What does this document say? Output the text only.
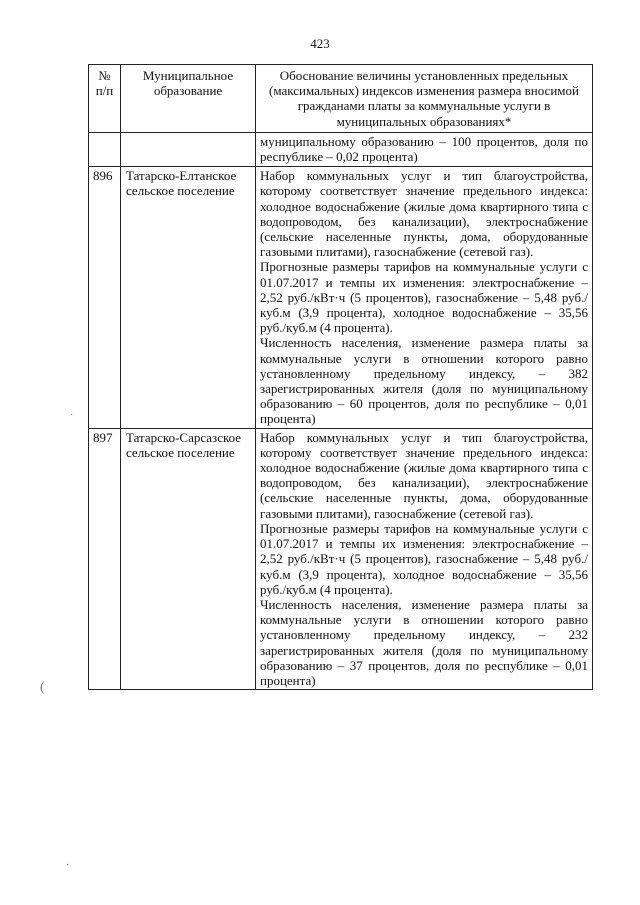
423
№ п/п	Муниципальное образование	Обоснование величины установленных предельных (максимальных) индексов изменения размера вносимой гражданами платы за коммунальные услуги в муниципальных образованиях*
		муниципальному образованию – 100 процентов, доля по республике – 0,02 процента)
896	Татарско-Елтанское сельское поселение	Набор коммунальных услуг и тип благоустройства, которому соответствует значение предельного индекса: холодное водоснабжение (жилые дома квартирного типа с водопроводом, без канализации), электроснабжение (сельские населенные пункты, дома, оборудованные газовыми плитами), газоснабжение (сетевой газ).
Прогнозные размеры тарифов на коммунальные услуги с 01.07.2017 и темпы их изменения: электроснабжение – 2,52 руб./кВт·ч (5 процентов), газоснабжение – 5,48 руб./куб.м (3,9 процента), холодное водоснабжение – 35,56 руб./куб.м (4 процента).
Численность населения, изменение размера платы за коммунальные услуги в отношении которого равно установленному предельному индексу, – 382 зарегистрированных жителя (доля по муниципальному образованию – 60 процентов, доля по республике – 0,01 процента)

897	Татарско-Сарсазское сельское поселение	Набор коммунальных услуг и тип благоустройства, которому соответствует значение предельного индекса: холодное водоснабжение (жилые дома квартирного типа с водопроводом, без канализации), электроснабжение (сельские населенные пункты, дома, оборудованные газовыми плитами), газоснабжение (сетевой газ).
Прогнозные размеры тарифов на коммунальные услуги с 01.07.2017 и темпы их изменения: электроснабжение – 2,52 руб./кВт·ч (5 процентов), газоснабжение – 5,48 руб./куб.м (3,9 процента), холодное водоснабжение – 35,56 руб./куб.м (4 процента).
Численность населения, изменение размера платы за коммунальные услуги в отношении которого равно установленному предельному индексу, – 232 зарегистрированных жителя (доля по муниципальному образованию – 37 процентов, доля по республике – 0,01 процента)
·
(
·
